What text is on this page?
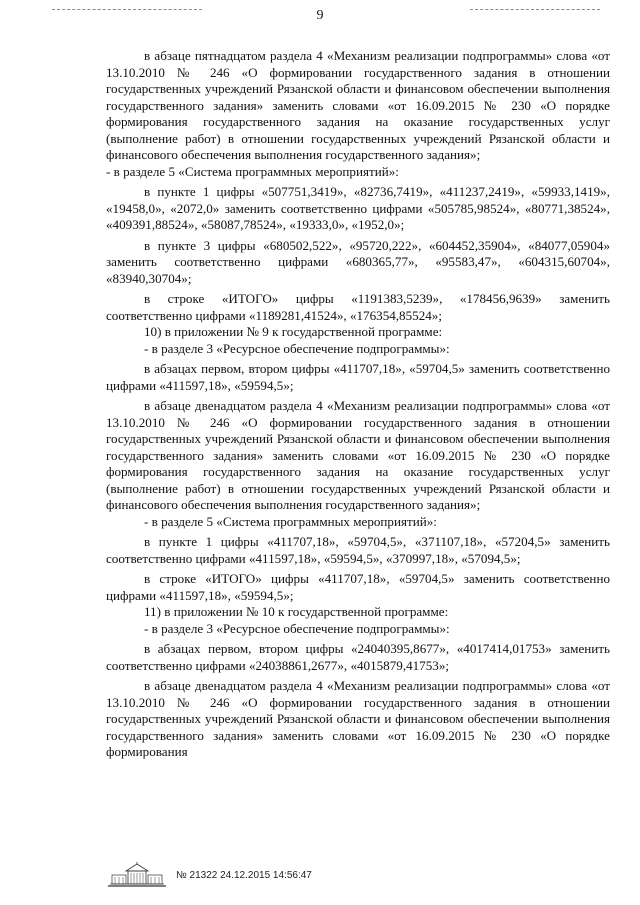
9

в абзаце пятнадцатом раздела 4 «Механизм реализации подпрограммы» слова «от 13.10.2010 № 246 «О формировании государственного задания в отношении государственных учреждений Рязанской области и финансовом обеспечении выполнения государственного задания» заменить словами «от 16.09.2015 № 230 «О порядке формирования государственного задания на оказание государственных услуг (выполнение работ) в отношении государственных учреждений Рязанской области и финансового обеспечения выполнения государственного задания»;

- в разделе 5 «Система программных мероприятий»:

в пункте 1 цифры «507751,3419», «82736,7419», «411237,2419», «59933,1419», «19458,0», «2072,0» заменить соответственно цифрами «505785,98524», «80771,38524», «409391,88524», «58087,78524», «19333,0», «1952,0»;

в пункте 3 цифры «680502,522», «95720,222», «604452,35904», «84077,05904» заменить соответственно цифрами «680365,77», «95583,47», «604315,60704», «83940,30704»;

в строке «ИТОГО» цифры «1191383,5239», «178456,9639» заменить соответственно цифрами «1189281,41524», «176354,85524»;

10) в приложении № 9 к государственной программе:

- в разделе 3 «Ресурсное обеспечение подпрограммы»:

в абзацах первом, втором цифры «411707,18», «59704,5» заменить соответственно цифрами «411597,18», «59594,5»;

в абзаце двенадцатом раздела 4 «Механизм реализации подпрограммы» слова «от 13.10.2010 № 246 «О формировании государственного задания в отношении государственных учреждений Рязанской области и финансовом обеспечении выполнения государственного задания» заменить словами «от 16.09.2015 № 230 «О порядке формирования государственного задания на оказание государственных услуг (выполнение работ) в отношении государственных учреждений Рязанской области и финансового обеспечения выполнения государственного задания»;

- в разделе 5 «Система программных мероприятий»:

в пункте 1 цифры «411707,18», «59704,5», «371107,18», «57204,5» заменить соответственно цифрами «411597,18», «59594,5», «370997,18», «57094,5»;

в строке «ИТОГО» цифры «411707,18», «59704,5» заменить соответственно цифрами «411597,18», «59594,5»;

11) в приложении № 10 к государственной программе:

- в разделе 3 «Ресурсное обеспечение подпрограммы»:

в абзацах первом, втором цифры «24040395,8677», «4017414,01753» заменить соответственно цифрами «24038861,2677», «4015879,41753»;

в абзаце двенадцатом раздела 4 «Механизм реализации подпрограммы» слова «от 13.10.2010 № 246 «О формировании государственного задания в отношении государственных учреждений Рязанской области и финансовом обеспечении выполнения государственного задания» заменить словами «от 16.09.2015 № 230 «О порядке формирования

№ 21322 24.12.2015 14:56:47
